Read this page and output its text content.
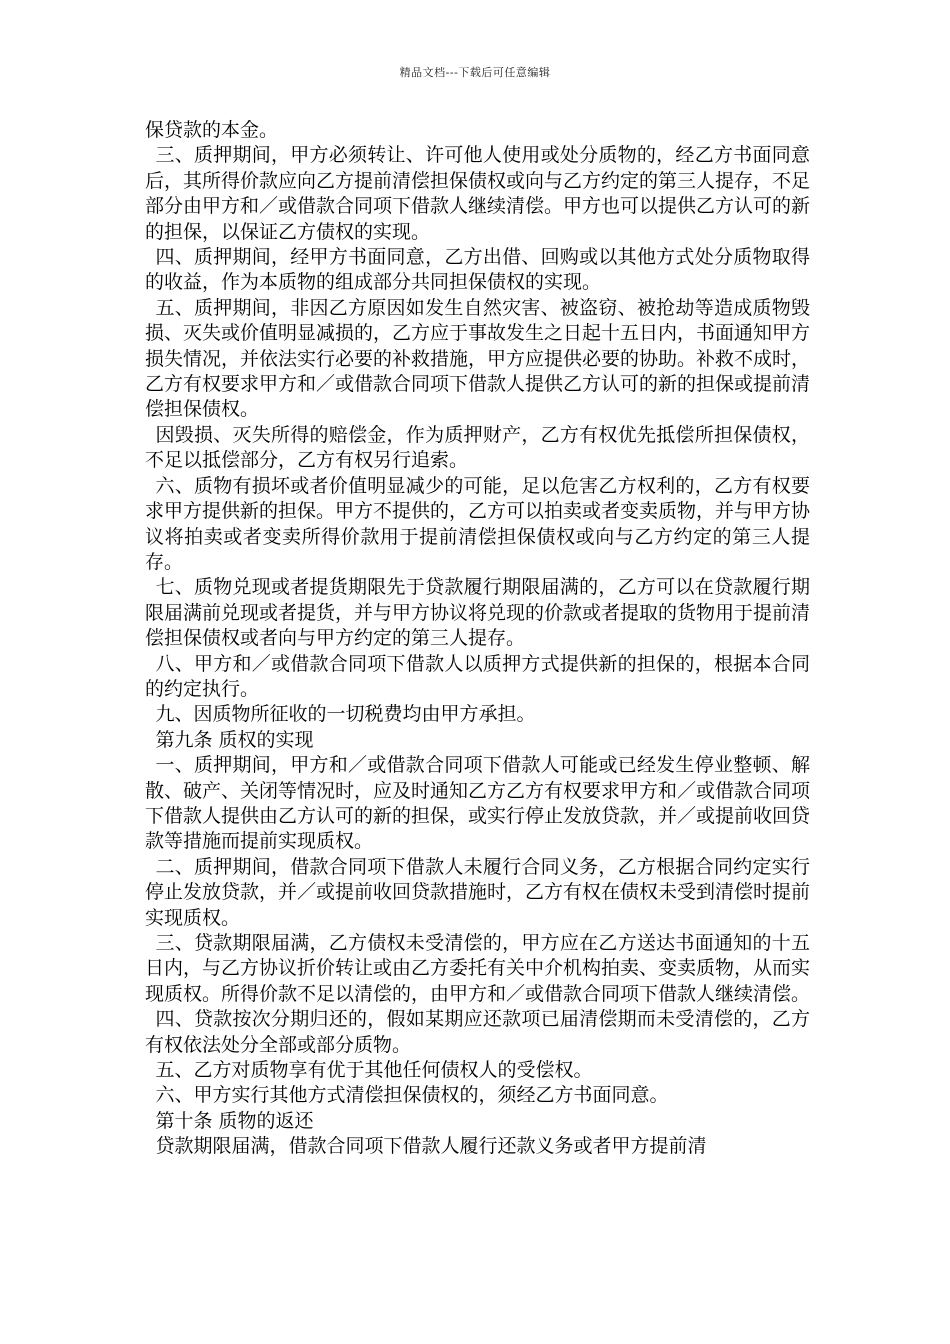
精品文档---下载后可任意编辑

保贷款的本金。

三、质押期间，甲方必须转让、许可他人使用或处分质物的，经乙方书面同意后，其所得价款应向乙方提前清偿担保债权或向与乙方约定的第三人提存，不足部分由甲方和／或借款合同项下借款人继续清偿。甲方也可以提供乙方认可的新的担保，以保证乙方债权的实现。

四、质押期间，经甲方书面同意，乙方出借、回购或以其他方式处分质物取得的收益，作为本质物的组成部分共同担保债权的实现。

五、质押期间，非因乙方原因如发生自然灾害、被盗窃、被抢劫等造成质物毁损、灭失或价值明显减损的，乙方应于事故发生之日起十五日内，书面通知甲方损失情况，并依法实行必要的补救措施，甲方应提供必要的协助。补救不成时，乙方有权要求甲方和／或借款合同项下借款人提供乙方认可的新的担保或提前清偿担保债权。

因毁损、灭失所得的赔偿金，作为质押财产，乙方有权优先抵偿所担保债权，不足以抵偿部分，乙方有权另行追索。

六、质物有损坏或者价值明显减少的可能，足以危害乙方权利的，乙方有权要求甲方提供新的担保。甲方不提供的，乙方可以拍卖或者变卖质物，并与甲方协议将拍卖或者变卖所得价款用于提前清偿担保债权或向与乙方约定的第三人提存。

七、质物兑现或者提货期限先于贷款履行期限届满的，乙方可以在贷款履行期限届满前兑现或者提货，并与甲方协议将兑现的价款或者提取的货物用于提前清偿担保债权或者向与甲方约定的第三人提存。

八、甲方和／或借款合同项下借款人以质押方式提供新的担保的，根据本合同的约定执行。

九、因质物所征收的一切税费均由甲方承担。

第九条 质权的实现

一、质押期间，甲方和／或借款合同项下借款人可能或已经发生停业整顿、解散、破产、关闭等情况时，应及时通知乙方乙方有权要求甲方和／或借款合同项下借款人提供由乙方认可的新的担保，或实行停止发放贷款，并／或提前收回贷款等措施而提前实现质权。

二、质押期间，借款合同项下借款人未履行合同义务，乙方根据合同约定实行停止发放贷款，并／或提前收回贷款措施时，乙方有权在债权未受到清偿时提前实现质权。

三、贷款期限届满，乙方债权未受清偿的，甲方应在乙方送达书面通知的十五日内，与乙方协议折价转让或由乙方委托有关中介机构拍卖、变卖质物，从而实现质权。所得价款不足以清偿的，由甲方和／或借款合同项下借款人继续清偿。

四、贷款按次分期归还的，假如某期应还款项已届清偿期而未受清偿的，乙方有权依法处分全部或部分质物。

五、乙方对质物享有优于其他任何债权人的受偿权。

六、甲方实行其他方式清偿担保债权的，须经乙方书面同意。

第十条 质物的返还

贷款期限届满，借款合同项下借款人履行还款义务或者甲方提前清
